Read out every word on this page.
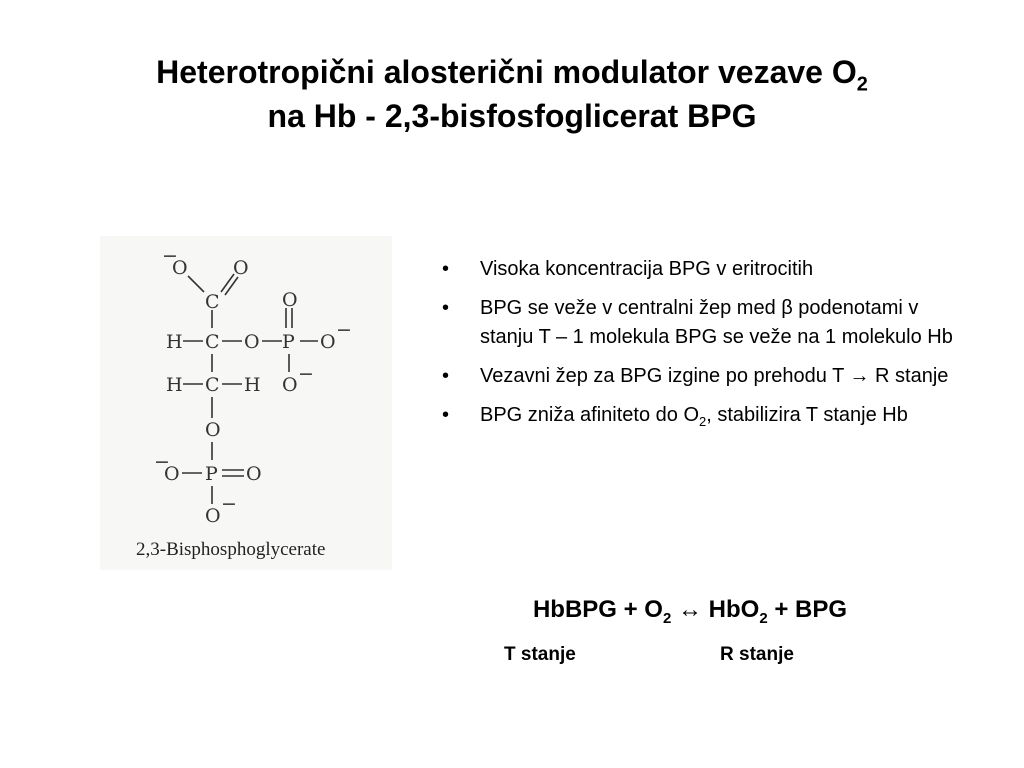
Heterotropični alosterični modulator vezave $O_2$
na Hb - 2,3-bisfosfoglicerat BPG
−
O O
C	O
H C O P O
−
O −
H C H
O
−
O P O
O
−
2,3-Bisphosphoglycerate
• Visoka koncentracija BPG v eritrocitih
• BPG se veže v centralni žep med β podenotami v stanju T – 1 molekula BPG se veže na 1 molekulo Hb
• Vezavni žep za BPG izgine po prehodu T → R stanje
• BPG zniža afiniteto do $O_2$, stabilizira T stanje Hb
HbBPG + $O_2$ ↔ HbO$_2$ + BPG
T stanje	R stanje
